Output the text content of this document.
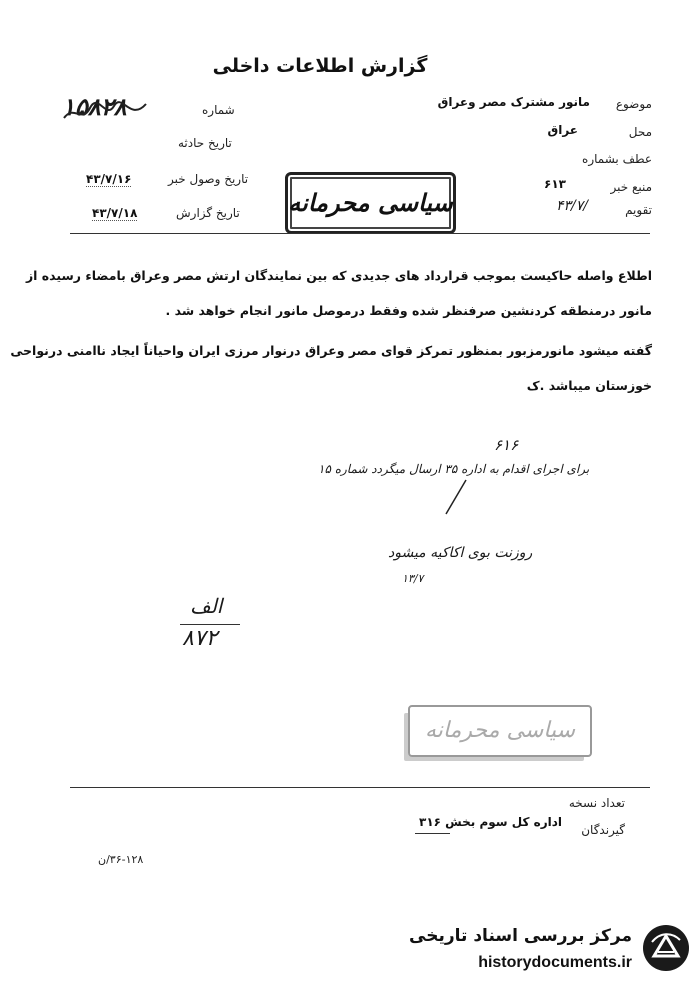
گزارش اطلاعات داخلی
شماره
۱۵۸۲۸
تاریخ حادثه
تاریخ وصول خبر
۴۳/۷/۱۶
تاریخ گزارش
۴۳/۷/۱۸
موضوع
مانور مشترک مصر وعراق
محل
عراق
عطف بشماره
منبع خبر
۶۱۳
تقویم
۴۳/۷/
سیاسی محرمانه
اطلاع واصله حاکیست بموجب قرارداد های جدیدی که بین نمایندگان ارتش مصر وعراق بامضاء رسیده از
مانور درمنطقه کردنشین صرفنظر شده وفقط درموصل مانور انجام خواهد شد .
گفته میشود مانورمزبور بمنظور تمرکز قوای مصر وعراق درنوار مرزی ایران واحیاناً ایجاد ناامنی درنواحی
خوزستان میباشد .ک
۶۱۶
برای اجرای اقدام به اداره ۳۵ ارسال میگردد شماره ۱۵
روزنت بوی اکاکیه میشود
۱۳/۷
الف
۸۷۲
سیاسی محرمانه
تعداد نسخه
گیرندگان
اداره کل سوم بخش ۳۱۶
۳۶-۱۲۸/ن
مرکز بررسی اسناد تاریخی
historydocuments.ir
